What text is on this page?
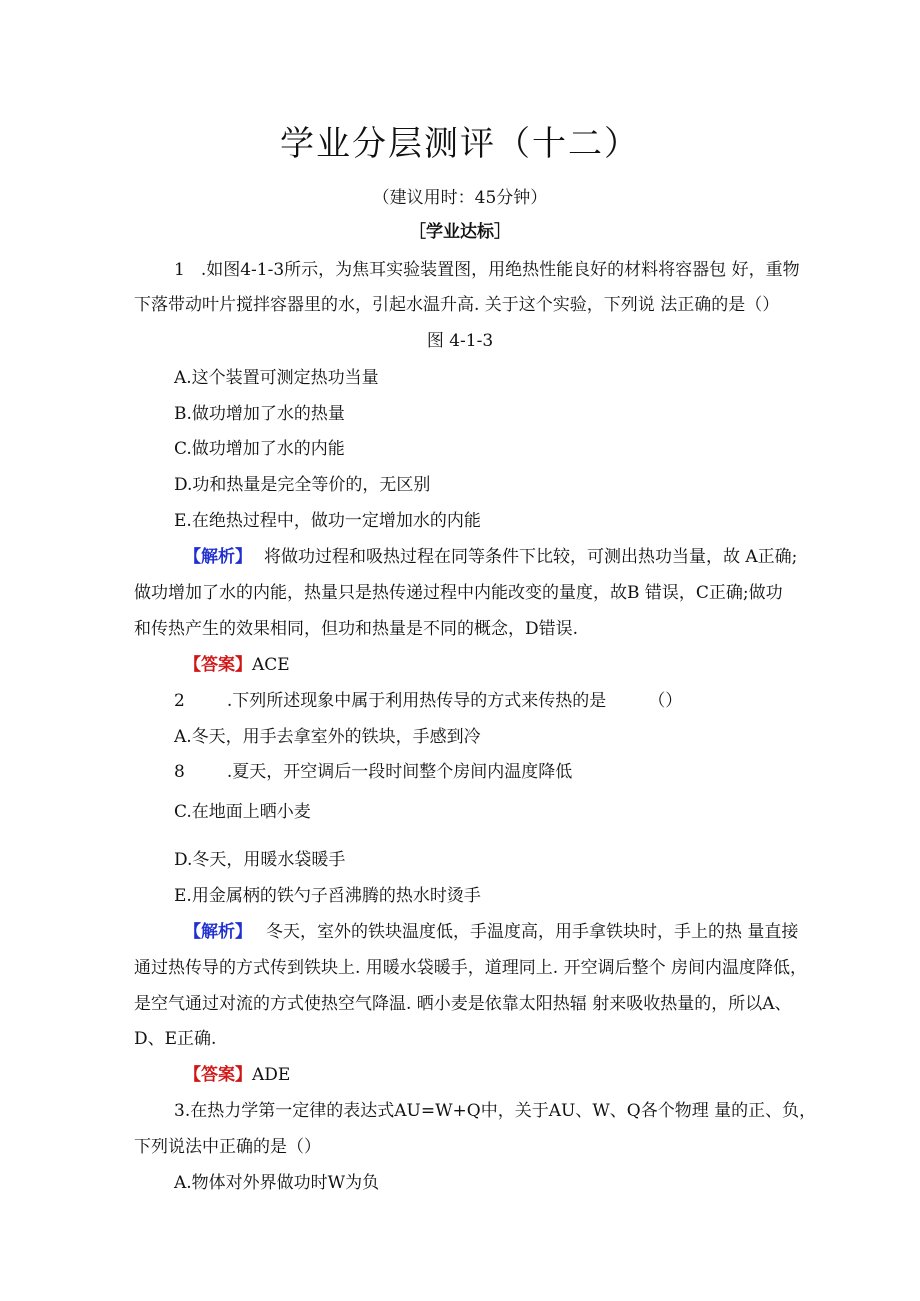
学业分层测评（十二）
（建议用时：45分钟）
［学业达标］
1 .如图4-1-3所示，为焦耳实验装置图，用绝热性能良好的材料将容器包 好，重物
下落带动叶片搅拌容器里的水，引起水温升高. 关于这个实验，下列说 法正确的是（）
图 4-1-3
A.这个装置可测定热功当量
B.做功增加了水的热量
C.做功增加了水的内能
D.功和热量是完全等价的，无区别
E.在绝热过程中，做功一定增加水的内能
【解析】 将做功过程和吸热过程在同等条件下比较，可测出热功当量，故 A正确;
做功增加了水的内能，热量只是热传递过程中内能改变的量度，故B 错误，C正确;做功
和传热产生的效果相同，但功和热量是不同的概念，D错误.
【答案】ACE
2 .下列所述现象中属于利用热传导的方式来传热的是 （）
A.冬天，用手去拿室外的铁块，手感到冷
8 .夏天，开空调后一段时间整个房间内温度降低
C.在地面上晒小麦
D.冬天，用暖水袋暖手
E.用金属柄的铁勺子舀沸腾的热水时烫手
【解析】 冬天，室外的铁块温度低，手温度高，用手拿铁块时，手上的热 量直接
通过热传导的方式传到铁块上. 用暖水袋暖手，道理同上. 开空调后整个 房间内温度降低，
是空气通过对流的方式使热空气降温. 晒小麦是依靠太阳热辐 射来吸收热量的，所以A、
D、E正确.
【答案】ADE
3.在热力学第一定律的表达式AU=W+Q中，关于AU、W、Q各个物理 量的正、负，
下列说法中正确的是（）
A.物体对外界做功时W为负
